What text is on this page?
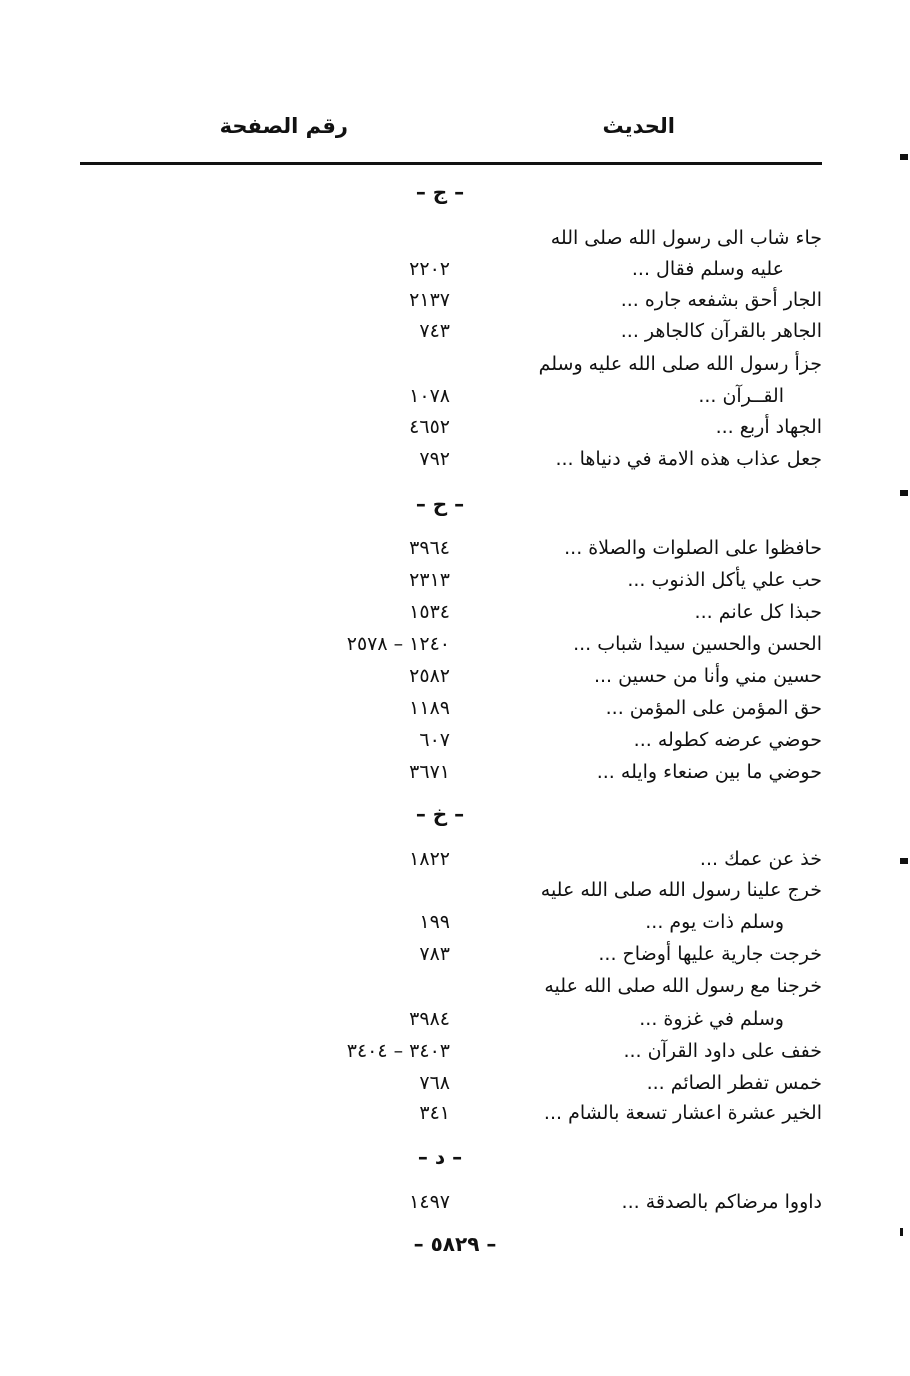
الحديث
رقم الصفحة
– ج –
جاء شاب الى رسول الله صلى الله
عليه وسلم فقال ...
٢٢٠٢
الجار أحق بشفعه جاره ...
٢١٣٧
الجاهر بالقرآن كالجاهر ...
٧٤٣
جزأ رسول الله صلى الله عليه وسلم
القــرآن ...
١٠٧٨
الجهاد أربع ...
٤٦٥٢
جعل عذاب هذه الامة في دنياها ...
٧٩٢
– ح –
حافظوا على الصلوات والصلاة ...
٣٩٦٤
حب علي يأكل الذنوب ...
٢٣١٣
حبذا كل عانم ...
١٥٣٤
الحسن والحسين سيدا شباب ...
١٢٤٠ – ٢٥٧٨
حسين مني وأنا من حسين ...
٢٥٨٢
حق المؤمن على المؤمن ...
١١٨٩
حوضي عرضه كطوله ...
٦٠٧
حوضي ما بين صنعاء وايله ...
٣٦٧١
– خ –
خذ عن عمك ...
١٨٢٢
خرج علينا رسول الله صلى الله عليه
وسلم ذات يوم ...
١٩٩
خرجت جارية عليها أوضاح ...
٧٨٣
خرجنا مع رسول الله صلى الله عليه
وسلم في غزوة ...
٣٩٨٤
خفف على داود القرآن ...
٣٤٠٣ – ٣٤٠٤
خمس تفطر الصائم ...
٧٦٨
الخير عشرة اعشار تسعة بالشام ...
٣٤١
– د –
داووا مرضاكم بالصدقة ...
١٤٩٧
– ٥٨٢٩ –
